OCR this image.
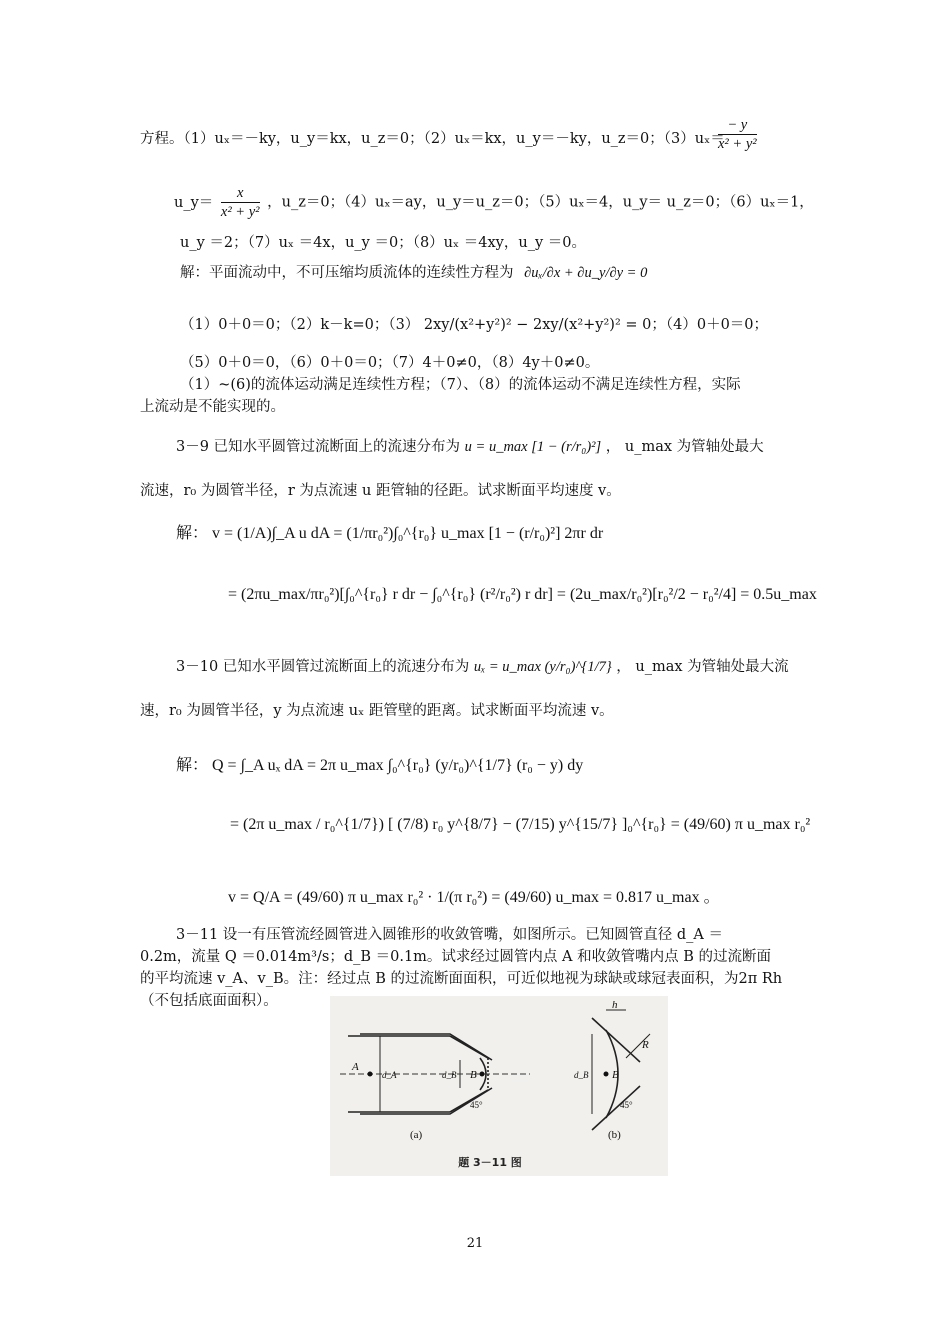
方程。（1）uₓ＝－ky，u_y＝kx，u_z＝0；（2）uₓ＝kx，u_y＝－ky，u_z＝0；（3）uₓ＝
$\frac{- y}{\text{x² + y²}}$
u_y＝ $\frac{x}{\text{x² + y²}}$ ，u_z＝0；（4）uₓ＝ay，u_y＝u_z＝0；（5）uₓ＝4，u_y＝ u_z＝0；（6）uₓ＝1，
u_y ＝2；（7）uₓ ＝4x，u_y ＝0；（8）uₓ ＝4xy，u_y ＝0。
解：平面流动中，不可压缩均质流体的连续性方程为 ∂uₓ/∂x + ∂u_y/∂y = 0
（1）0＋0＝0；（2）k－k=0；（3） 2xy/(x²+y²)² − 2xy/(x²+y²)² = 0；（4）0＋0＝0；
（5）0＋0＝0，（6）0＋0＝0；（7）4＋0≠0，（8）4y＋0≠0。
（1）~(6)的流体运动满足连续性方程；（7）、（8）的流体运动不满足连续性方程，实际
上流动是不能实现的。
3－9 已知水平圆管过流断面上的流速分布为 u = u_max [1 − (r/r₀)²] ， u_max 为管轴处最大
流速，r₀ 为圆管半径，r 为点流速 u 距管轴的径距。试求断面平均速度 v。
解： v = (1/A)∫_A u dA = (1/πr₀²)∫₀^{r₀} u_max [1 − (r/r₀)²] 2πr dr
= (2πu_max/πr₀²)[∫₀^{r₀} r dr − ∫₀^{r₀} (r²/r₀²) r dr] = (2u_max/r₀²)[r₀²/2 − r₀²/4] = 0.5u_max
3－10 已知水平圆管过流断面上的流速分布为 uₓ = u_max (y/r₀)^{1/7} ， u_max 为管轴处最大流
速，r₀ 为圆管半径，y 为点流速 uₓ 距管壁的距离。试求断面平均流速 v。
解： Q = ∫_A uₓ dA = 2π u_max ∫₀^{r₀} (y/r₀)^{1/7} (r₀ − y) dy
= (2π u_max / r₀^{1/7}) [ (7/8) r₀ y^{8/7} − (7/15) y^{15/7} ]₀^{r₀} = (49/60) π u_max r₀²
v = Q/A = (49/60) π u_max r₀² · 1/(π r₀²) = (49/60) u_max = 0.817 u_max 。
3－11 设一有压管流经圆管进入圆锥形的收敛管嘴，如图所示。已知圆管直径 d_A ＝
0.2m，流量 Q ＝0.014m³/s；d_B ＝0.1m。试求经过圆管内点 A 和收敛管嘴内点 B 的过流断面
的平均流速 v_A、v_B。注：经过点 B 的过流断面面积，可近似地视为球缺或球冠表面积，为2π Rh
（不包括底面面积）。
A
d_A	d_B B
45°
h
R
d_B B
45°
(a)	(b)
题 3－11 图
21
